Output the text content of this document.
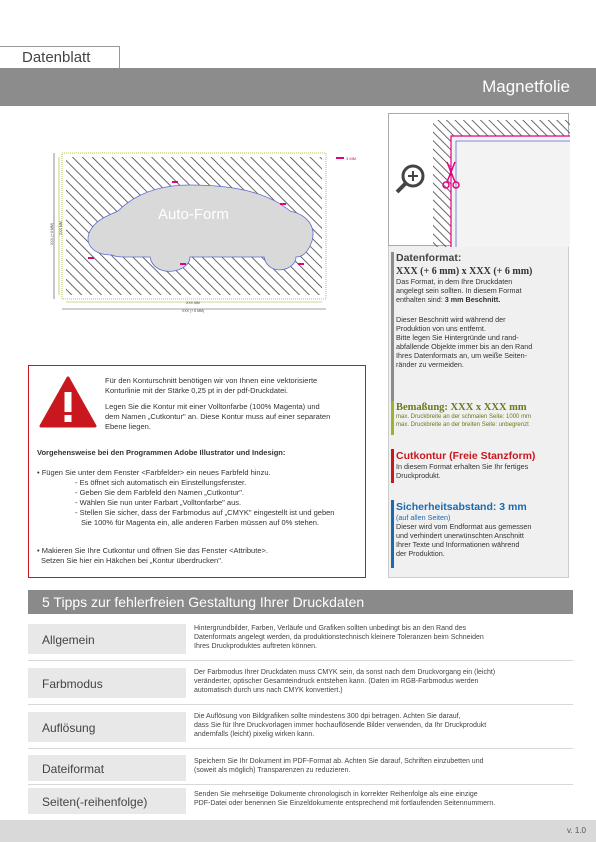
Datenblatt
Magnetfolie
Auto-Form
3 MM
XXX MM
XXX (+ 6 MM)
XXX (+ 6 MM) XXX MM
Datenformat:
XXX (+ 6 mm) x XXX (+ 6 mm)
Das Format, in dem Ihre Druckdaten
angelegt sein sollten. In diesem Format
enthalten sind: 3 mm Beschnitt.
Dieser Beschnitt wird während der
Produktion von uns entfernt.
Bitte legen Sie Hintergründe und rand-
abfallende Objekte immer bis an den Rand
Ihres Datenformats an, um weiße Seiten-
ränder zu vermeiden.
Bemaßung: XXX x XXX mm
max. Druckbreite an der schmalen Seite: 1000 mm
max. Druckbreite an der breiten Seite: unbegrenzt
Cutkontur (Freie Stanzform)
In diesem Format erhalten Sie Ihr fertiges
Druckprodukt.
Sicherheitsabstand: 3 mm
(auf allen Seiten)
Dieser wird vom Endformat aus gemessen
und verhindert unerwünschten Anschnitt
Ihrer Texte und Informationen während
der Produktion.
Für den Konturschnitt benötigen wir von Ihnen eine vektorisierte
Konturlinie mit der Stärke 0,25 pt in der pdf-Druckdatei.
Legen Sie die Kontur mit einer Volltonfarbe (100% Magenta) und
dem Namen „Cutkontur" an. Diese Kontur muss auf einer separaten
Ebene liegen.
Vorgehensweise bei den Programmen Adobe Illustrator und Indesign:
• Fügen Sie unter dem Fenster <Farbfelder> ein neues Farbfeld hinzu.
- Es öffnet sich automatisch ein Einstellungsfenster.
- Geben Sie dem Farbfeld den Namen „Cutkontur".
- Wählen Sie nun unter Farbart „Volltonfarbe" aus.
- Stellen Sie sicher, dass der Farbmodus auf „CMYK" eingestellt ist und geben
Sie 100% für Magenta ein, alle anderen Farben müssen auf 0% stehen.
• Makieren Sie Ihre Cutkontur und öffnen Sie das Fenster <Attribute>.
Setzen Sie hier ein Häkchen bei „Kontur überdrucken".
5 Tipps zur fehlerfreien Gestaltung Ihrer Druckdaten
Allgemein
Hintergrundbilder, Farben, Verläufe und Grafiken sollten unbedingt bis an den Rand des
Datenformats angelegt werden, da produktionstechnisch kleinere Toleranzen beim Schneiden
Ihres Druckproduktes auftreten können.
Farbmodus
Der Farbmodus Ihrer Druckdaten muss CMYK sein, da sonst nach dem Druckvorgang ein (leicht)
veränderter, optischer Gesamteindruck entstehen kann. (Daten im RGB-Farbmodus werden
automatisch durch uns nach CMYK konvertiert.)
Auflösung
Die Auflösung von Bildgrafiken sollte mindestens 300 dpi betragen. Achten Sie darauf,
dass Sie für Ihre Druckvorlagen immer hochauflösende Bilder verwenden, da Ihr Druckprodukt
andernfalls (leicht) pixelig wirken kann.
Dateiformat
Speichern Sie Ihr Dokument im PDF-Format ab. Achten Sie darauf, Schriften einzubetten und
(soweit als möglich) Transparenzen zu reduzieren.
Seiten(-reihenfolge)
Senden Sie mehrseitige Dokumente chronologisch in korrekter Reihenfolge als eine einzige
PDF-Datei oder benennen Sie Einzeldokumente entsprechend mit fortlaufenden Seitennummern.
v. 1.0
